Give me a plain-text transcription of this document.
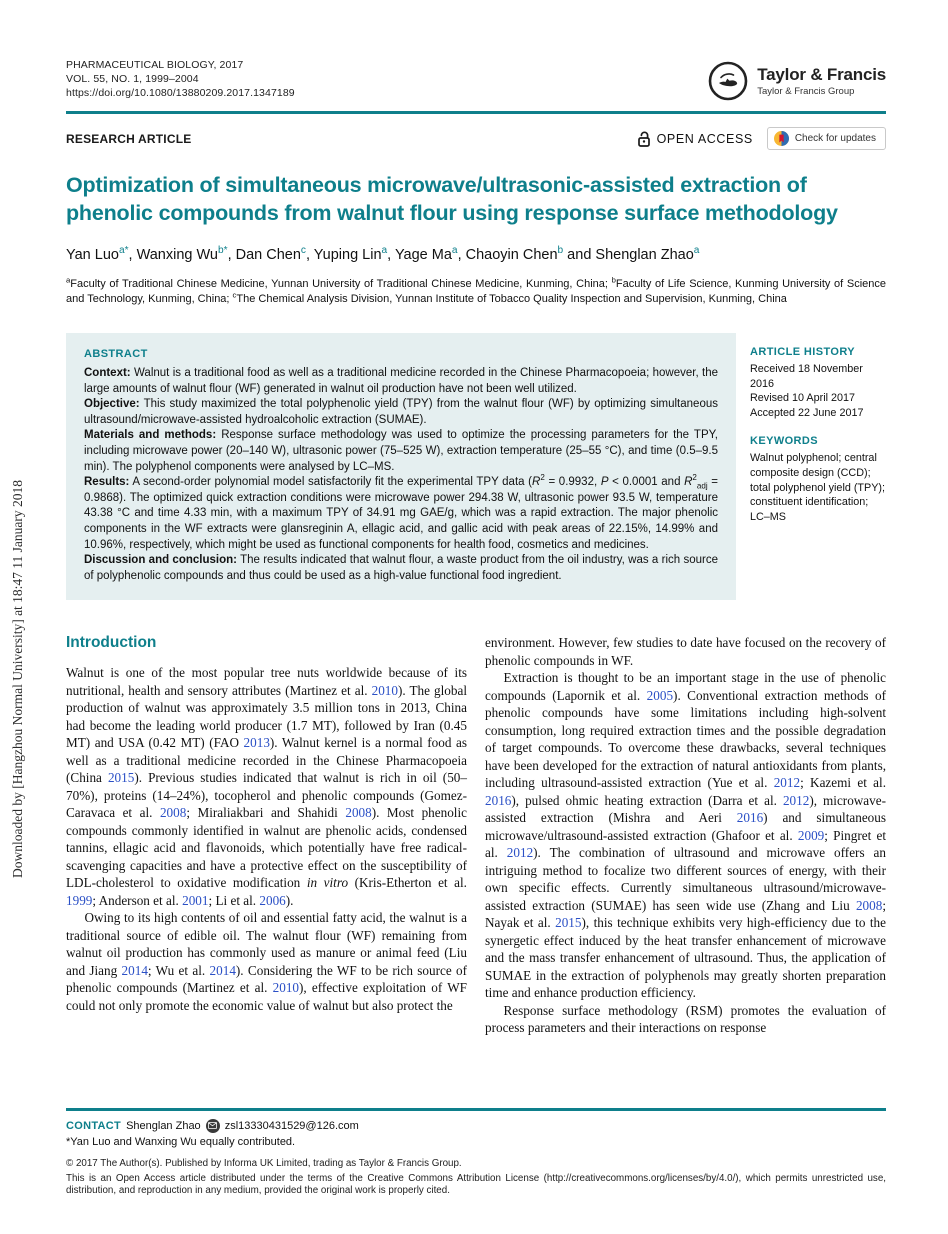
Downloaded by [Hangzhou Normal University] at 18:47 11 January 2018
PHARMACEUTICAL BIOLOGY, 2017
VOL. 55, NO. 1, 1999–2004
https://doi.org/10.1080/13880209.2017.1347189
Taylor & Francis
Taylor & Francis Group
RESEARCH ARTICLE	OPEN ACCESS	Check for updates
Optimization of simultaneous microwave/ultrasonic-assisted extraction of phenolic compounds from walnut flour using response surface methodology
Yan Luo$^{a*}$, Wanxing $Wu^{b*}$, Dan Chen$^c$, Yuping Lin$^a$, Yage Ma$^a$, Chaoyin Chen$^b$ and Shenglan Zhao$^a$
$^a$Faculty of Traditional Chinese Medicine, Yunnan University of Traditional Chinese Medicine, Kunming, China; $^b$Faculty of Life Science, Kunming University of Science and Technology, Kunming, China; $^c$The Chemical Analysis Division, Yunnan Institute of Tobacco Quality Inspection and Supervision, Kunming, China
ABSTRACT
Context: Walnut is a traditional food as well as a traditional medicine recorded in the Chinese Pharmacopoeia; however, the large amounts of walnut flour (WF) generated in walnut oil production have not been well utilized.
Objective: This study maximized the total polyphenolic yield (TPY) from the walnut flour (WF) by optimizing simultaneous ultrasound/microwave-assisted hydroalcoholic extraction (SUMAE).
Materials and methods: Response surface methodology was used to optimize the processing parameters for the TPY, including microwave power (20–140 W), ultrasonic power (75–525 W), extraction temperature (25–55 °C), and time (0.5–9.5 min). The polyphenol components were analysed by LC–MS.
Results: A second-order polynomial model satisfactorily fit the experimental TPY data ($R^2 = 0.9932$, P < 0.0001 and $R^2_{adj} = 0.9868$). The optimized quick extraction conditions were microwave power 294.38 W, ultrasonic power 93.5 W, temperature 43.38 °C and time 4.33 min, with a maximum TPY of 34.91 mg GAE/g, which was a rapid extraction. The major phenolic components in the WF extracts were glansreginin A, ellagic acid, and gallic acid with peak areas of 22.15%, 14.99% and 10.96%, respectively, which might be used as functional components for health food, cosmetics and medicines.
Discussion and conclusion: The results indicated that walnut flour, a waste product from the oil industry, was a rich source of polyphenolic compounds and thus could be used as a high-value functional food ingredient.
ARTICLE HISTORY
Received 18 November 2016
Revised 10 April 2017
Accepted 22 June 2017
KEYWORDS
Walnut polyphenol; central composite design (CCD); total polyphenol yield (TPY); constituent identification; LC–MS
Introduction

Walnut is one of the most popular tree nuts worldwide because of its nutritional, health and sensory attributes (Martinez et al. 2010). The global production of walnut was approximately 3.5 million tons in 2013, China had become the leading world producer (1.7 MT), followed by Iran (0.45 MT) and USA (0.42 MT) (FAO 2013). Walnut kernel is a normal food as well as a traditional medicine recorded in the Chinese Pharmacopoeia (China 2015). Previous studies indicated that walnut is rich in oil (50–70%), proteins (14–24%), tocopherol and phenolic compounds (Gomez-Caravaca et al. 2008; Miraliakbari and Shahidi 2008). Most phenolic compounds commonly identified in walnut are phenolic acids, condensed tannins, ellagic acid and flavonoids, which potentially have free radical-scavenging capacities and have a protective effect on the susceptibility of LDL-cholesterol to oxidative modification in vitro (Kris-Etherton et al. 1999; Anderson et al. 2001; Li et al. 2006).

Owing to its high contents of oil and essential fatty acid, the walnut is a traditional source of edible oil. The walnut flour (WF) remaining from walnut oil production has commonly used as manure or animal feed (Liu and Jiang 2014; Wu et al. 2014). Considering the WF to be rich source of phenolic compounds (Martinez et al. 2010), effective exploitation of WF could not only promote the economic value of walnut but also protect the

environment. However, few studies to date have focused on the recovery of phenolic compounds in WF.

Extraction is thought to be an important stage in the use of phenolic compounds (Lapornik et al. 2005). Conventional extraction methods of phenolic compounds have some limitations including high-solvent consumption, long required extraction times and the possible degradation of target compounds. To overcome these drawbacks, several techniques have been developed for the extraction of natural antioxidants from plants, including ultrasound-assisted extraction (Yue et al. 2012; Kazemi et al. 2016), pulsed ohmic heating extraction (Darra et al. 2012), microwave-assisted extraction (Mishra and Aeri 2016) and simultaneous microwave/ultrasound-assisted extraction (Ghafoor et al. 2009; Pingret et al. 2012). The combination of ultrasound and microwave offers an intriguing method to focalize two different sources of energy, with their own specific effects. Currently simultaneous ultrasound/microwave-assisted extraction (SUMAE) has seen wide use (Zhang and Liu 2008; Nayak et al. 2015), this technique exhibits very high-efficiency due to the synergetic effect induced by the heat transfer enhancement of microwave and the mass transfer enhancement of ultrasound. Thus, the application of SUMAE in the extraction of polyphenols may greatly shorten preparation time and enhance production efficiency.

Response surface methodology (RSM) promotes the evaluation of process parameters and their interactions on response

CONTACT Shenglan Zhao zsl13330431529@126.com
*Yan Luo and Wanxing Wu equally contributed.
© 2017 The Author(s). Published by Informa UK Limited, trading as Taylor & Francis Group.
This is an Open Access article distributed under the terms of the Creative Commons Attribution License (http://creativecommons.org/licenses/by/4.0/), which permits unrestricted use, distribution, and reproduction in any medium, provided the original work is properly cited.
